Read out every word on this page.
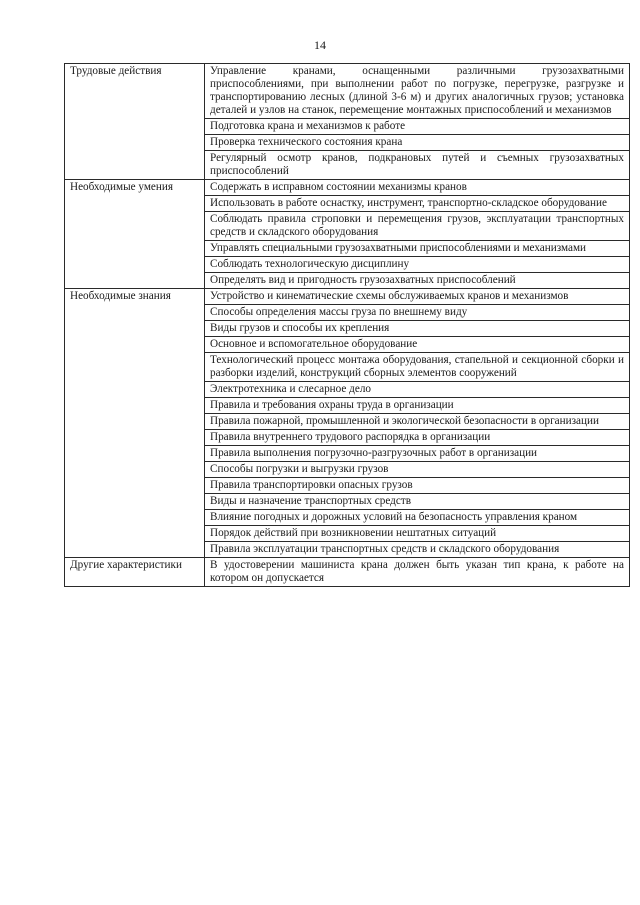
14
Трудовые действия	Управление кранами, оснащенными различными грузозахватными приспособлениями, при выполнении работ по погрузке, перегрузке, разгрузке и транспортированию лесных (длиной 3-6 м) и других аналогичных грузов; установка деталей и узлов на станок, перемещение монтажных приспособлений и механизмов
	Подготовка крана и механизмов к работе
	Проверка технического состояния крана
	Регулярный осмотр кранов, подкрановых путей и съемных грузозахватных приспособлений
Необходимые умения	Содержать в исправном состоянии механизмы кранов
	Использовать в работе оснастку, инструмент, транспортно-складское оборудование
	Соблюдать правила строповки и перемещения грузов, эксплуатации транспортных средств и складского оборудования
	Управлять специальными грузозахватными приспособлениями и механизмами
	Соблюдать технологическую дисциплину
	Определять вид и пригодность грузозахватных приспособлений
Необходимые знания	Устройство и кинематические схемы обслуживаемых кранов и механизмов
	Способы определения массы груза по внешнему виду
	Виды грузов и способы их крепления
	Основное и вспомогательное оборудование
	Технологический процесс монтажа оборудования, стапельной и секционной сборки и разборки изделий, конструкций сборных элементов сооружений
	Электротехника и слесарное дело
	Правила и требования охраны труда в организации
	Правила пожарной, промышленной и экологической безопасности в организации
	Правила внутреннего трудового распорядка в организации
	Правила выполнения погрузочно-разгрузочных работ в организации
	Способы погрузки и выгрузки грузов
	Правила транспортировки опасных грузов
	Виды и назначение транспортных средств
	Влияние погодных и дорожных условий на безопасность управления краном
	Порядок действий при возникновении нештатных ситуаций
	Правила эксплуатации транспортных средств и складского оборудования
Другие характеристики	В удостоверении машиниста крана должен быть указан тип крана, к работе на котором он допускается
